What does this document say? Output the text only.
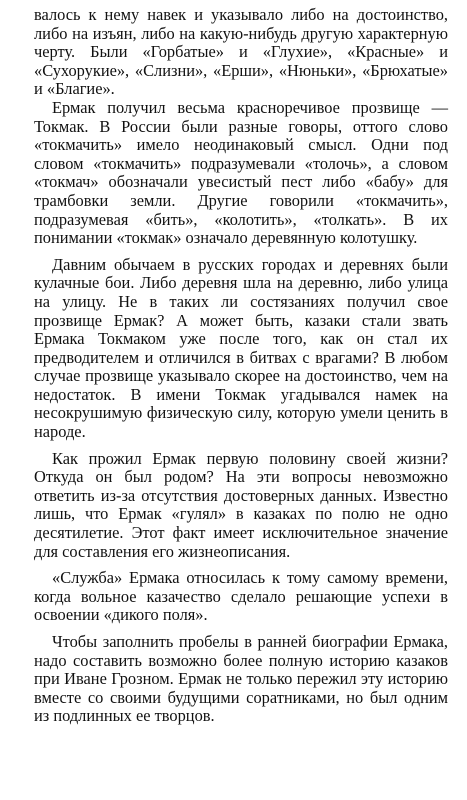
валось к нему навек и указывало либо на достоинство, либо на изъян, либо на какую-нибудь другую характерную черту. Были «Горбатые» и «Глухие», «Красные» и «Сухорукие», «Слизни», «Ерши», «Нюньки», «Брюхатые» и «Благие».

Ермак получил весьма красноречивое прозвище — Токмак. В России были разные говоры, оттого слово «токмачить» имело неодинаковый смысл. Одни под словом «токмачить» подразумевали «толочь», а словом «токмач» обозначали увесистый пест либо «бабу» для трамбовки земли. Другие говорили «токмачить», подразумевая «бить», «колотить», «толкать». В их понимании «токмак» означало деревянную колотушку.

Давним обычаем в русских городах и деревнях были кулачные бои. Либо деревня шла на деревню, либо улица на улицу. Не в таких ли состязаниях получил свое прозвище Ермак? А может быть, казаки стали звать Ермака Токмаком уже после того, как он стал их предводителем и отличился в битвах с врагами? В любом случае прозвище указывало скорее на достоинство, чем на недостаток. В имени Токмак угадывался намек на несокрушимую физическую силу, которую умели ценить в народе.

Как прожил Ермак первую половину своей жизни? Откуда он был родом? На эти вопросы невозможно ответить из-за отсутствия достоверных данных. Известно лишь, что Ермак «гулял» в казаках по полю не одно десятилетие. Этот факт имеет исключительное значение для составления его жизнеописания.

«Служба» Ермака относилась к тому самому времени, когда вольное казачество сделало решающие успехи в освоении «дикого поля».

Чтобы заполнить пробелы в ранней биографии Ермака, надо составить возможно более полную историю казаков при Иване Грозном. Ермак не только пережил эту историю вместе со своими будущими соратниками, но был одним из подлинных ее творцов.
